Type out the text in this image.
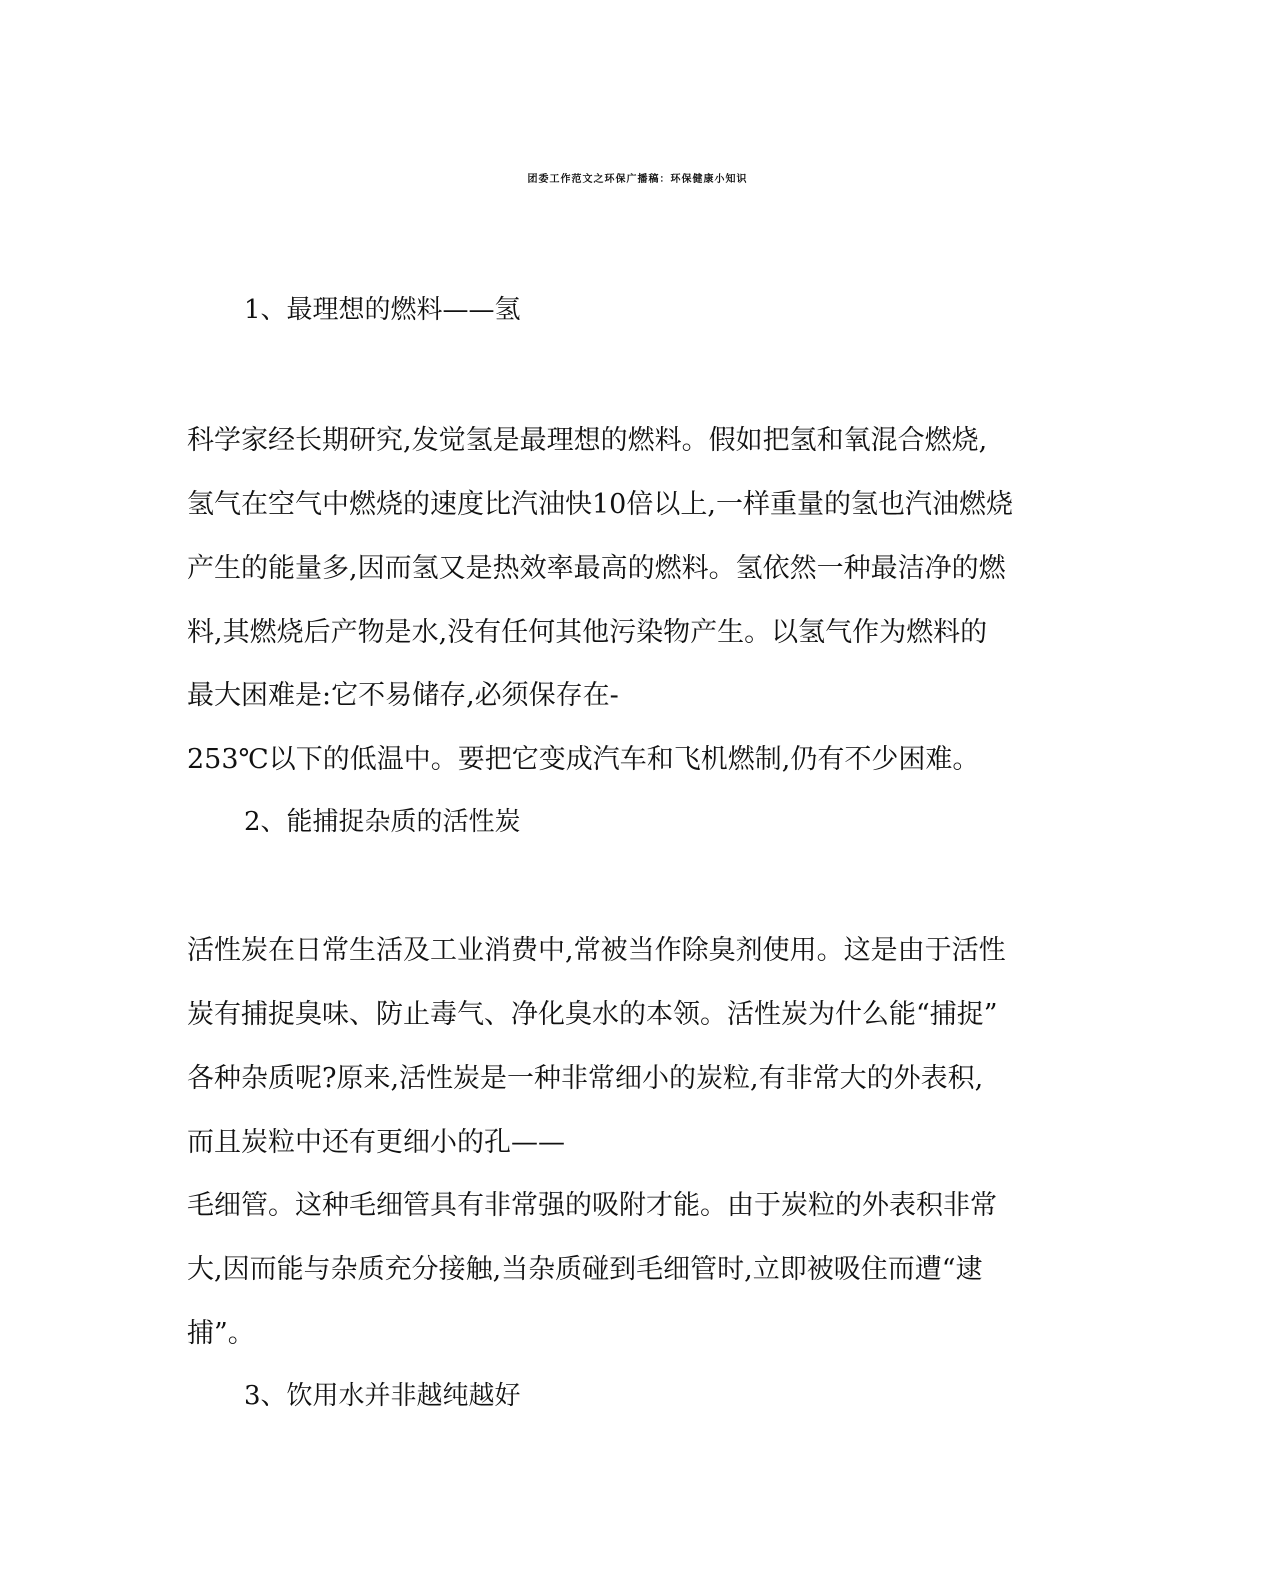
团委工作范文之环保广播稿：环保健康小知识
1、最理想的燃料——氢
科学家经长期研究,发觉氢是最理想的燃料。假如把氢和氧混合燃烧,
氢气在空气中燃烧的速度比汽油快10倍以上,一样重量的氢也汽油燃烧
产生的能量多,因而氢又是热效率最高的燃料。氢依然一种最洁净的燃
料,其燃烧后产物是水,没有任何其他污染物产生。以氢气作为燃料的
最大困难是:它不易储存,必须保存在-
253℃以下的低温中。要把它变成汽车和飞机燃制,仍有不少困难。
2、能捕捉杂质的活性炭
活性炭在日常生活及工业消费中,常被当作除臭剂使用。这是由于活性
炭有捕捉臭味、防止毒气、净化臭水的本领。活性炭为什么能“捕捉”
各种杂质呢?原来,活性炭是一种非常细小的炭粒,有非常大的外表积,
而且炭粒中还有更细小的孔——
毛细管。这种毛细管具有非常强的吸附才能。由于炭粒的外表积非常
大,因而能与杂质充分接触,当杂质碰到毛细管时,立即被吸住而遭“逮
捕”。
3、饮用水并非越纯越好
